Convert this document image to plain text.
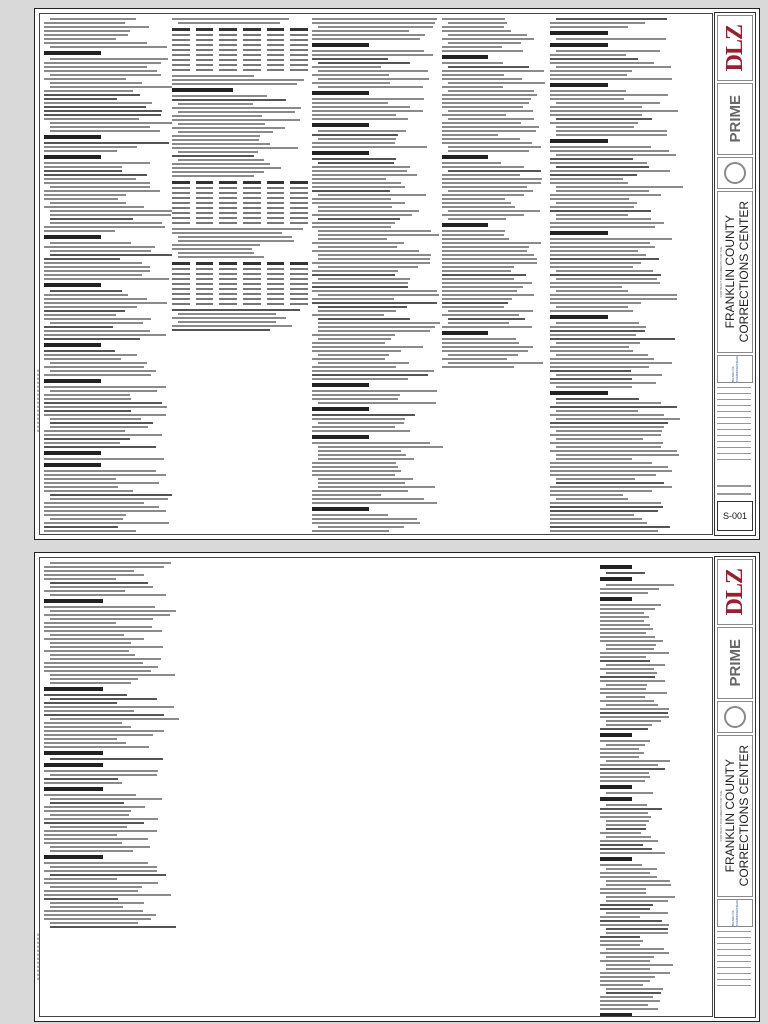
▮▮▮▮▮▮▮▮▮▮▮▮▮▮▮▮
DLZ
PRIME
CONTRACT DOCUMENTS FOR THE FRANKLIN COUNTY CORRECTIONS CENTER
BOARD OF COMMISSIONERS
S-001
▮▮▮▮▮▮▮▮▮▮▮▮
DLZ
PRIME
CONTRACT DOCUMENTS FOR THE FRANKLIN COUNTY CORRECTIONS CENTER
BOARD OF COMMISSIONERS
